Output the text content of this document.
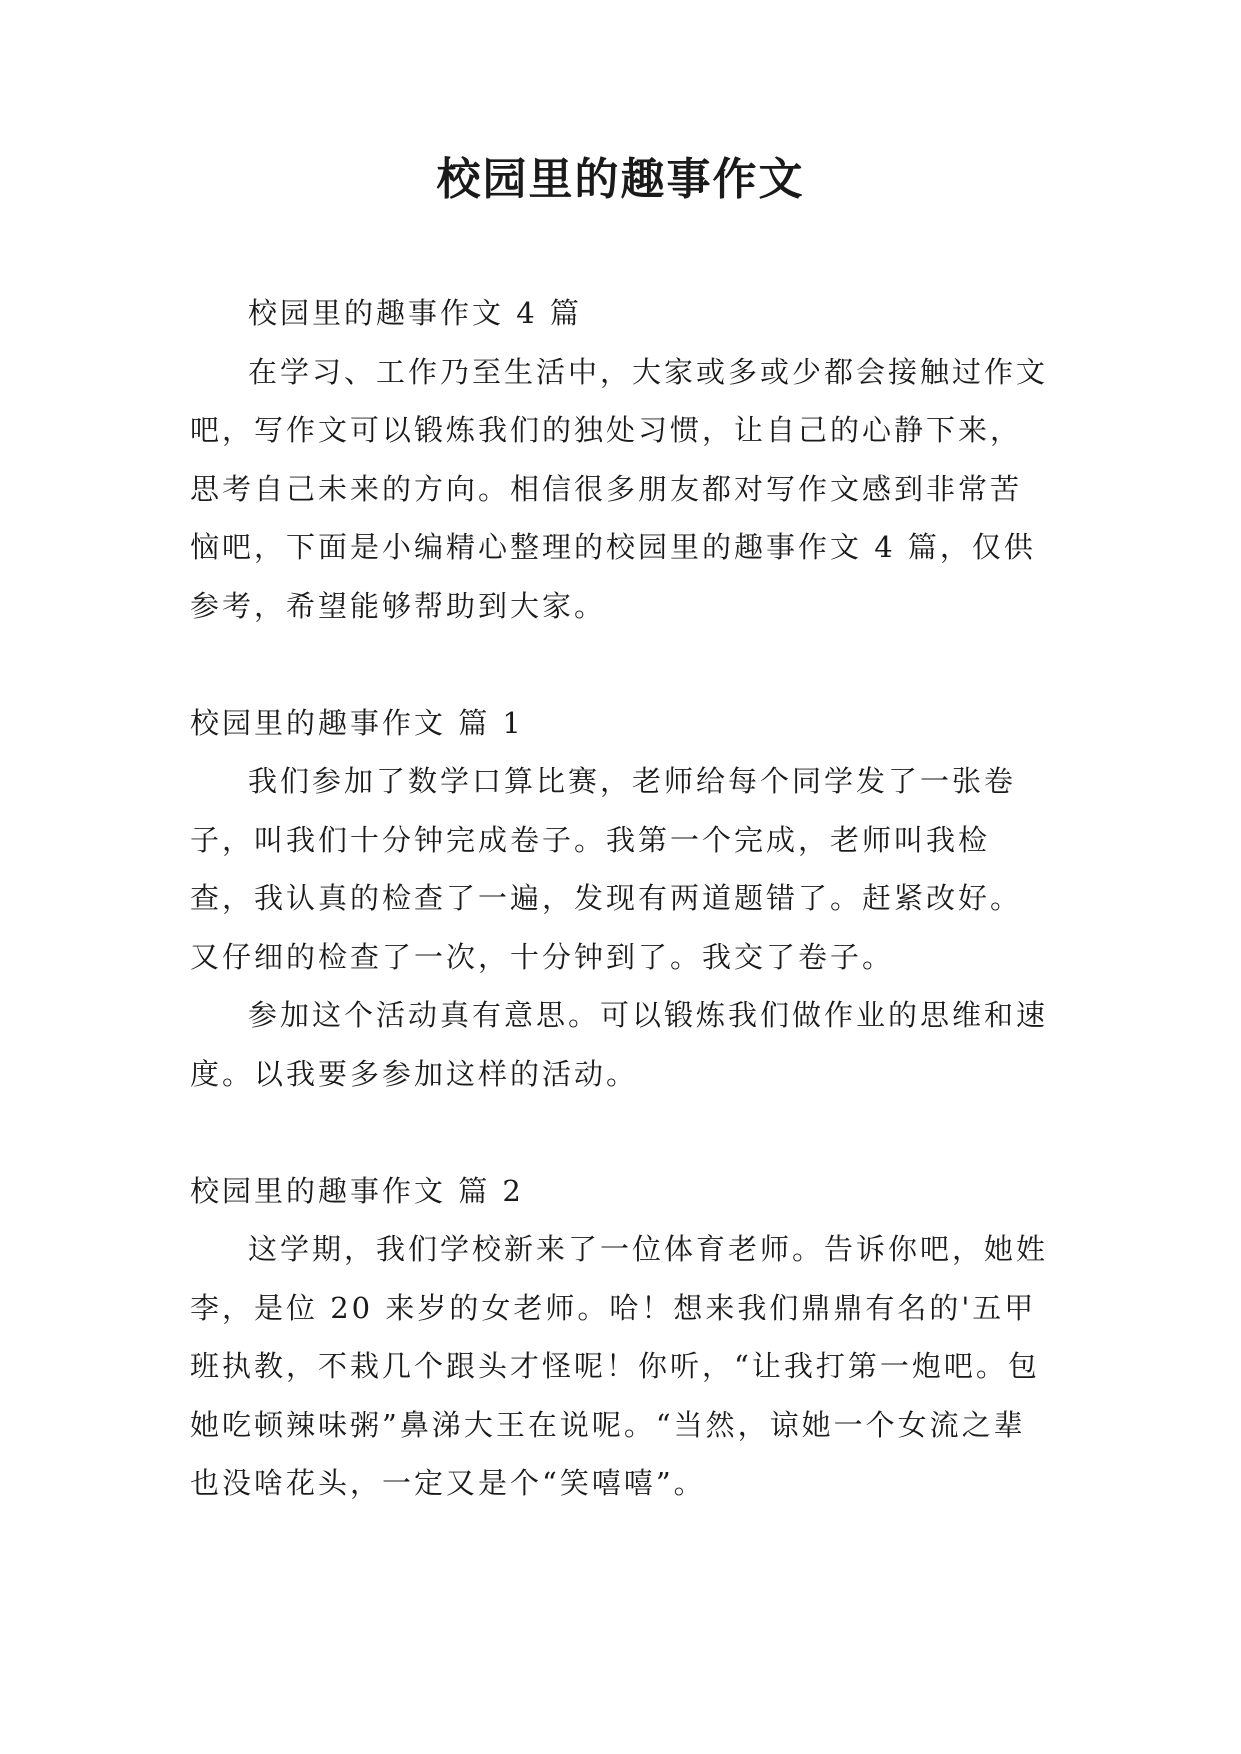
校园里的趣事作文

校园里的趣事作文 4 篇

在学习、工作乃至生活中，大家或多或少都会接触过作文吧，写作文可以锻炼我们的独处习惯，让自己的心静下来，思考自己未来的方向。相信很多朋友都对写作文感到非常苦恼吧，下面是小编精心整理的校园里的趣事作文 4 篇，仅供参考，希望能够帮助到大家。

校园里的趣事作文 篇 1

我们参加了数学口算比赛，老师给每个同学发了一张卷子，叫我们十分钟完成卷子。我第一个完成，老师叫我检查，我认真的检查了一遍，发现有两道题错了。赶紧改好。又仔细的检查了一次，十分钟到了。我交了卷子。

参加这个活动真有意思。可以锻炼我们做作业的思维和速度。以我要多参加这样的活动。

校园里的趣事作文 篇 2

这学期，我们学校新来了一位体育老师。告诉你吧，她姓李，是位 20 来岁的女老师。哈！想来我们鼎鼎有名的'五甲班执教，不栽几个跟头才怪呢！你听，“让我打第一炮吧。包她吃顿辣味粥”鼻涕大王在说呢。“当然，谅她一个女流之辈也没啥花头，一定又是个“笑嘻嘻”。
